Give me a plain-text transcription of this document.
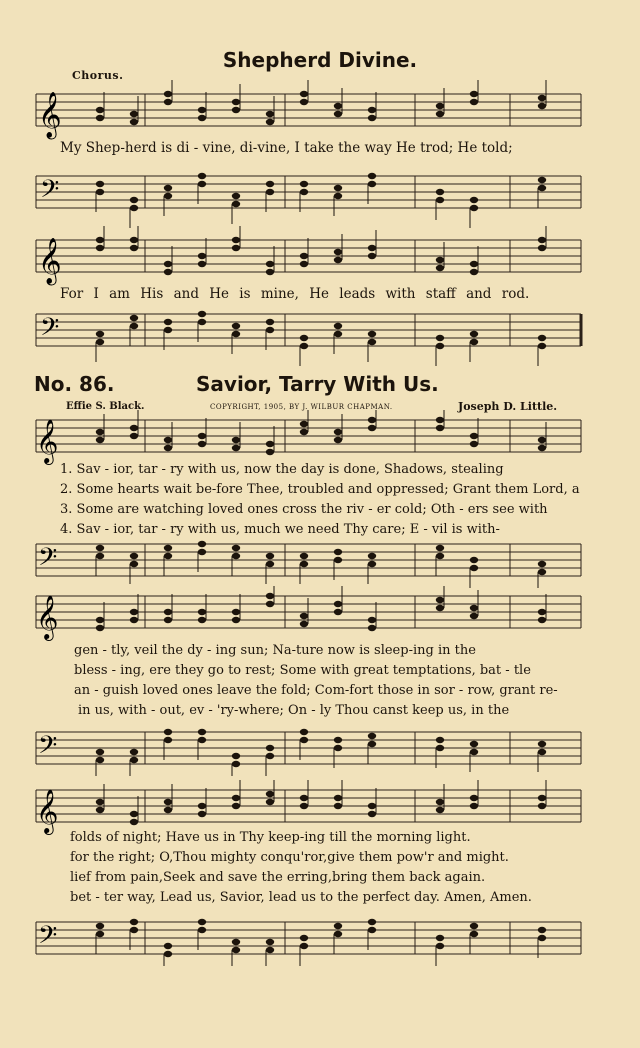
Shepherd Divine.
Chorus.
𝄞
My Shep-herd is di - vine, di-vine, I take the way He trod; He told;
𝄢
𝄞
For I am His and He is mine, He leads with staff and rod.
𝄢
No. 86.	Savior, Tarry With Us.
Effie S. Black.	COPYRIGHT, 1905, BY J. WILBUR CHAPMAN.	Joseph D. Little.
𝄞
1. Sav - ior, tar - ry with us, now the day is done, Shadows, stealing
2. Some hearts wait be-fore Thee, troubled and oppressed; Grant them Lord, a
3. Some are watching loved ones cross the riv - er cold; Oth - ers see with
4. Sav - ior, tar - ry with us, much we need Thy care; E - vil is with-
𝄢
𝄞
gen - tly, veil the dy - ing sun; Na-ture now is sleep-ing in the
bless - ing, ere they go to rest; Some with great temptations, bat - tle
an - guish loved ones leave the fold; Com-fort those in sor - row, grant re-
in us, with - out, ev - 'ry-where; On - ly Thou canst keep us, in the
𝄢
𝄞
folds of night; Have us in Thy keep-ing till the morning light.
for the right; O,Thou mighty conqu'ror,give them pow'r and might.
lief from pain,Seek and save the erring,bring them back again.
bet - ter way, Lead us, Savior, lead us to the perfect day. Amen, Amen.
𝄢
